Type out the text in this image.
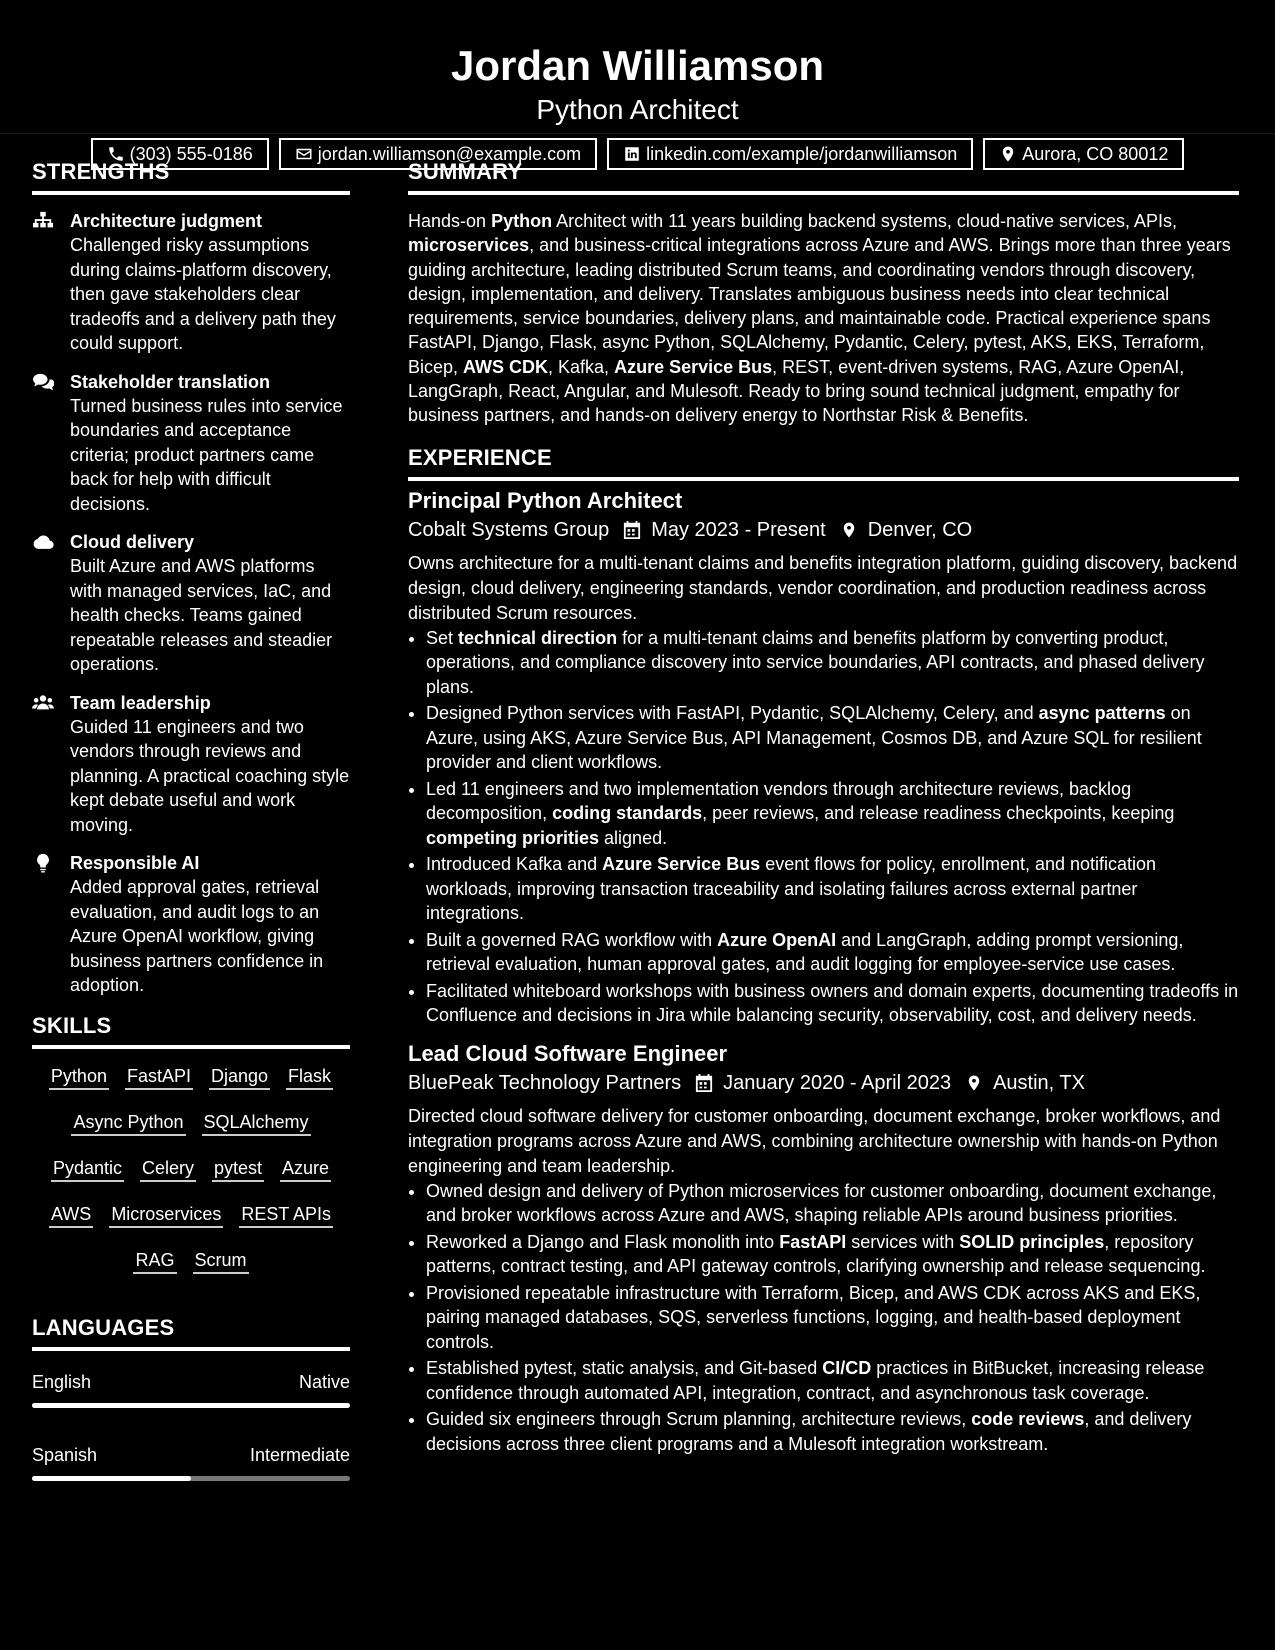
Jordan Williamson
Python Architect
(303) 555-0186	jordan.williamson@example.com	linkedin.com/example/jordanwilliamson	Aurora, CO 80012
STRENGTHS
Architecture judgment
Challenged risky assumptions during claims-platform discovery, then gave stakeholders clear tradeoffs and a delivery path they could support.
Stakeholder translation
Turned business rules into service boundaries and acceptance criteria; product partners came back for help with difficult decisions.
Cloud delivery
Built Azure and AWS platforms with managed services, IaC, and health checks. Teams gained repeatable releases and steadier operations.
Team leadership
Guided 11 engineers and two vendors through reviews and planning. A practical coaching style kept debate useful and work moving.
Responsible AI
Added approval gates, retrieval evaluation, and audit logs to an Azure OpenAI workflow, giving business partners confidence in adoption.
SKILLS
Python FastAPI Django Flask
Async Python SQLAlchemy
Pydantic Celery pytest Azure
AWS Microservices REST APIs
RAG Scrum
LANGUAGES
English	Native
Spanish	Intermediate
SUMMARY
Hands-on Python Architect with 11 years building backend systems, cloud-native services, APIs, microservices, and business-critical integrations across Azure and AWS. Brings more than three years guiding architecture, leading distributed Scrum teams, and coordinating vendors through discovery, design, implementation, and delivery. Translates ambiguous business needs into clear technical requirements, service boundaries, delivery plans, and maintainable code. Practical experience spans FastAPI, Django, Flask, async Python, SQLAlchemy, Pydantic, Celery, pytest, AKS, EKS, Terraform, Bicep, AWS CDK, Kafka, Azure Service Bus, REST, event-driven systems, RAG, Azure OpenAI, LangGraph, React, Angular, and Mulesoft. Ready to bring sound technical judgment, empathy for business partners, and hands-on delivery energy to Northstar Risk & Benefits.
EXPERIENCE
Principal Python Architect
Cobalt Systems Group May 2023 - Present Denver, CO
Owns architecture for a multi-tenant claims and benefits integration platform, guiding discovery, backend design, cloud delivery, engineering standards, vendor coordination, and production readiness across distributed Scrum resources.
• Set technical direction for a multi-tenant claims and benefits platform by converting product, operations, and compliance discovery into service boundaries, API contracts, and phased delivery plans.
• Designed Python services with FastAPI, Pydantic, SQLAlchemy, Celery, and async patterns on Azure, using AKS, Azure Service Bus, API Management, Cosmos DB, and Azure SQL for resilient provider and client workflows.
• Led 11 engineers and two implementation vendors through architecture reviews, backlog decomposition, coding standards, peer reviews, and release readiness checkpoints, keeping competing priorities aligned.
• Introduced Kafka and Azure Service Bus event flows for policy, enrollment, and notification workloads, improving transaction traceability and isolating failures across external partner integrations.
• Built a governed RAG workflow with Azure OpenAI and LangGraph, adding prompt versioning, retrieval evaluation, human approval gates, and audit logging for employee-service use cases.
• Facilitated whiteboard workshops with business owners and domain experts, documenting tradeoffs in Confluence and decisions in Jira while balancing security, observability, cost, and delivery needs.
Lead Cloud Software Engineer
BluePeak Technology Partners January 2020 - April 2023 Austin, TX
Directed cloud software delivery for customer onboarding, document exchange, broker workflows, and integration programs across Azure and AWS, combining architecture ownership with hands-on Python engineering and team leadership.
• Owned design and delivery of Python microservices for customer onboarding, document exchange, and broker workflows across Azure and AWS, shaping reliable APIs around business priorities.
• Reworked a Django and Flask monolith into FastAPI services with SOLID principles, repository patterns, contract testing, and API gateway controls, clarifying ownership and release sequencing.
• Provisioned repeatable infrastructure with Terraform, Bicep, and AWS CDK across AKS and EKS, pairing managed databases, SQS, serverless functions, logging, and health-based deployment controls.
• Established pytest, static analysis, and Git-based CI/CD practices in BitBucket, increasing release confidence through automated API, integration, contract, and asynchronous task coverage.
• Guided six engineers through Scrum planning, architecture reviews, code reviews, and delivery decisions across three client programs and a Mulesoft integration workstream.
